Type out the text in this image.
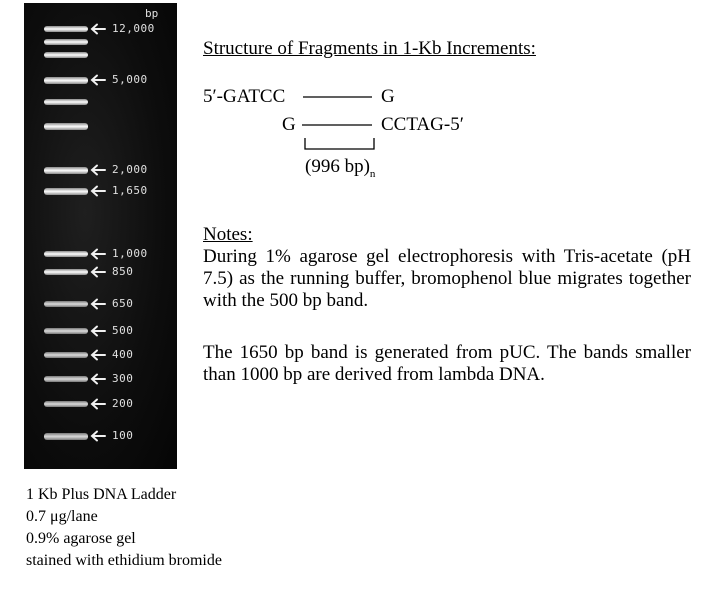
bp
12,000
5,000
2,000
1,650
1,000
850
650
500
400
300
200
100
Structure of Fragments in 1-Kb Increments:
5′-GATCC	G
G	CCTAG-5′
(996 $bp)_n$
Notes:
During 1% agarose gel electrophoresis with Tris-acetate (pH 7.5) as the running buffer, bromophenol blue migrates together with the 500 bp band.
The 1650 bp band is generated from pUC. The bands smaller than 1000 bp are derived from lambda DNA.
1 Kb Plus DNA Ladder
0.7 μg/lane
0.9% agarose gel
stained with ethidium bromide
